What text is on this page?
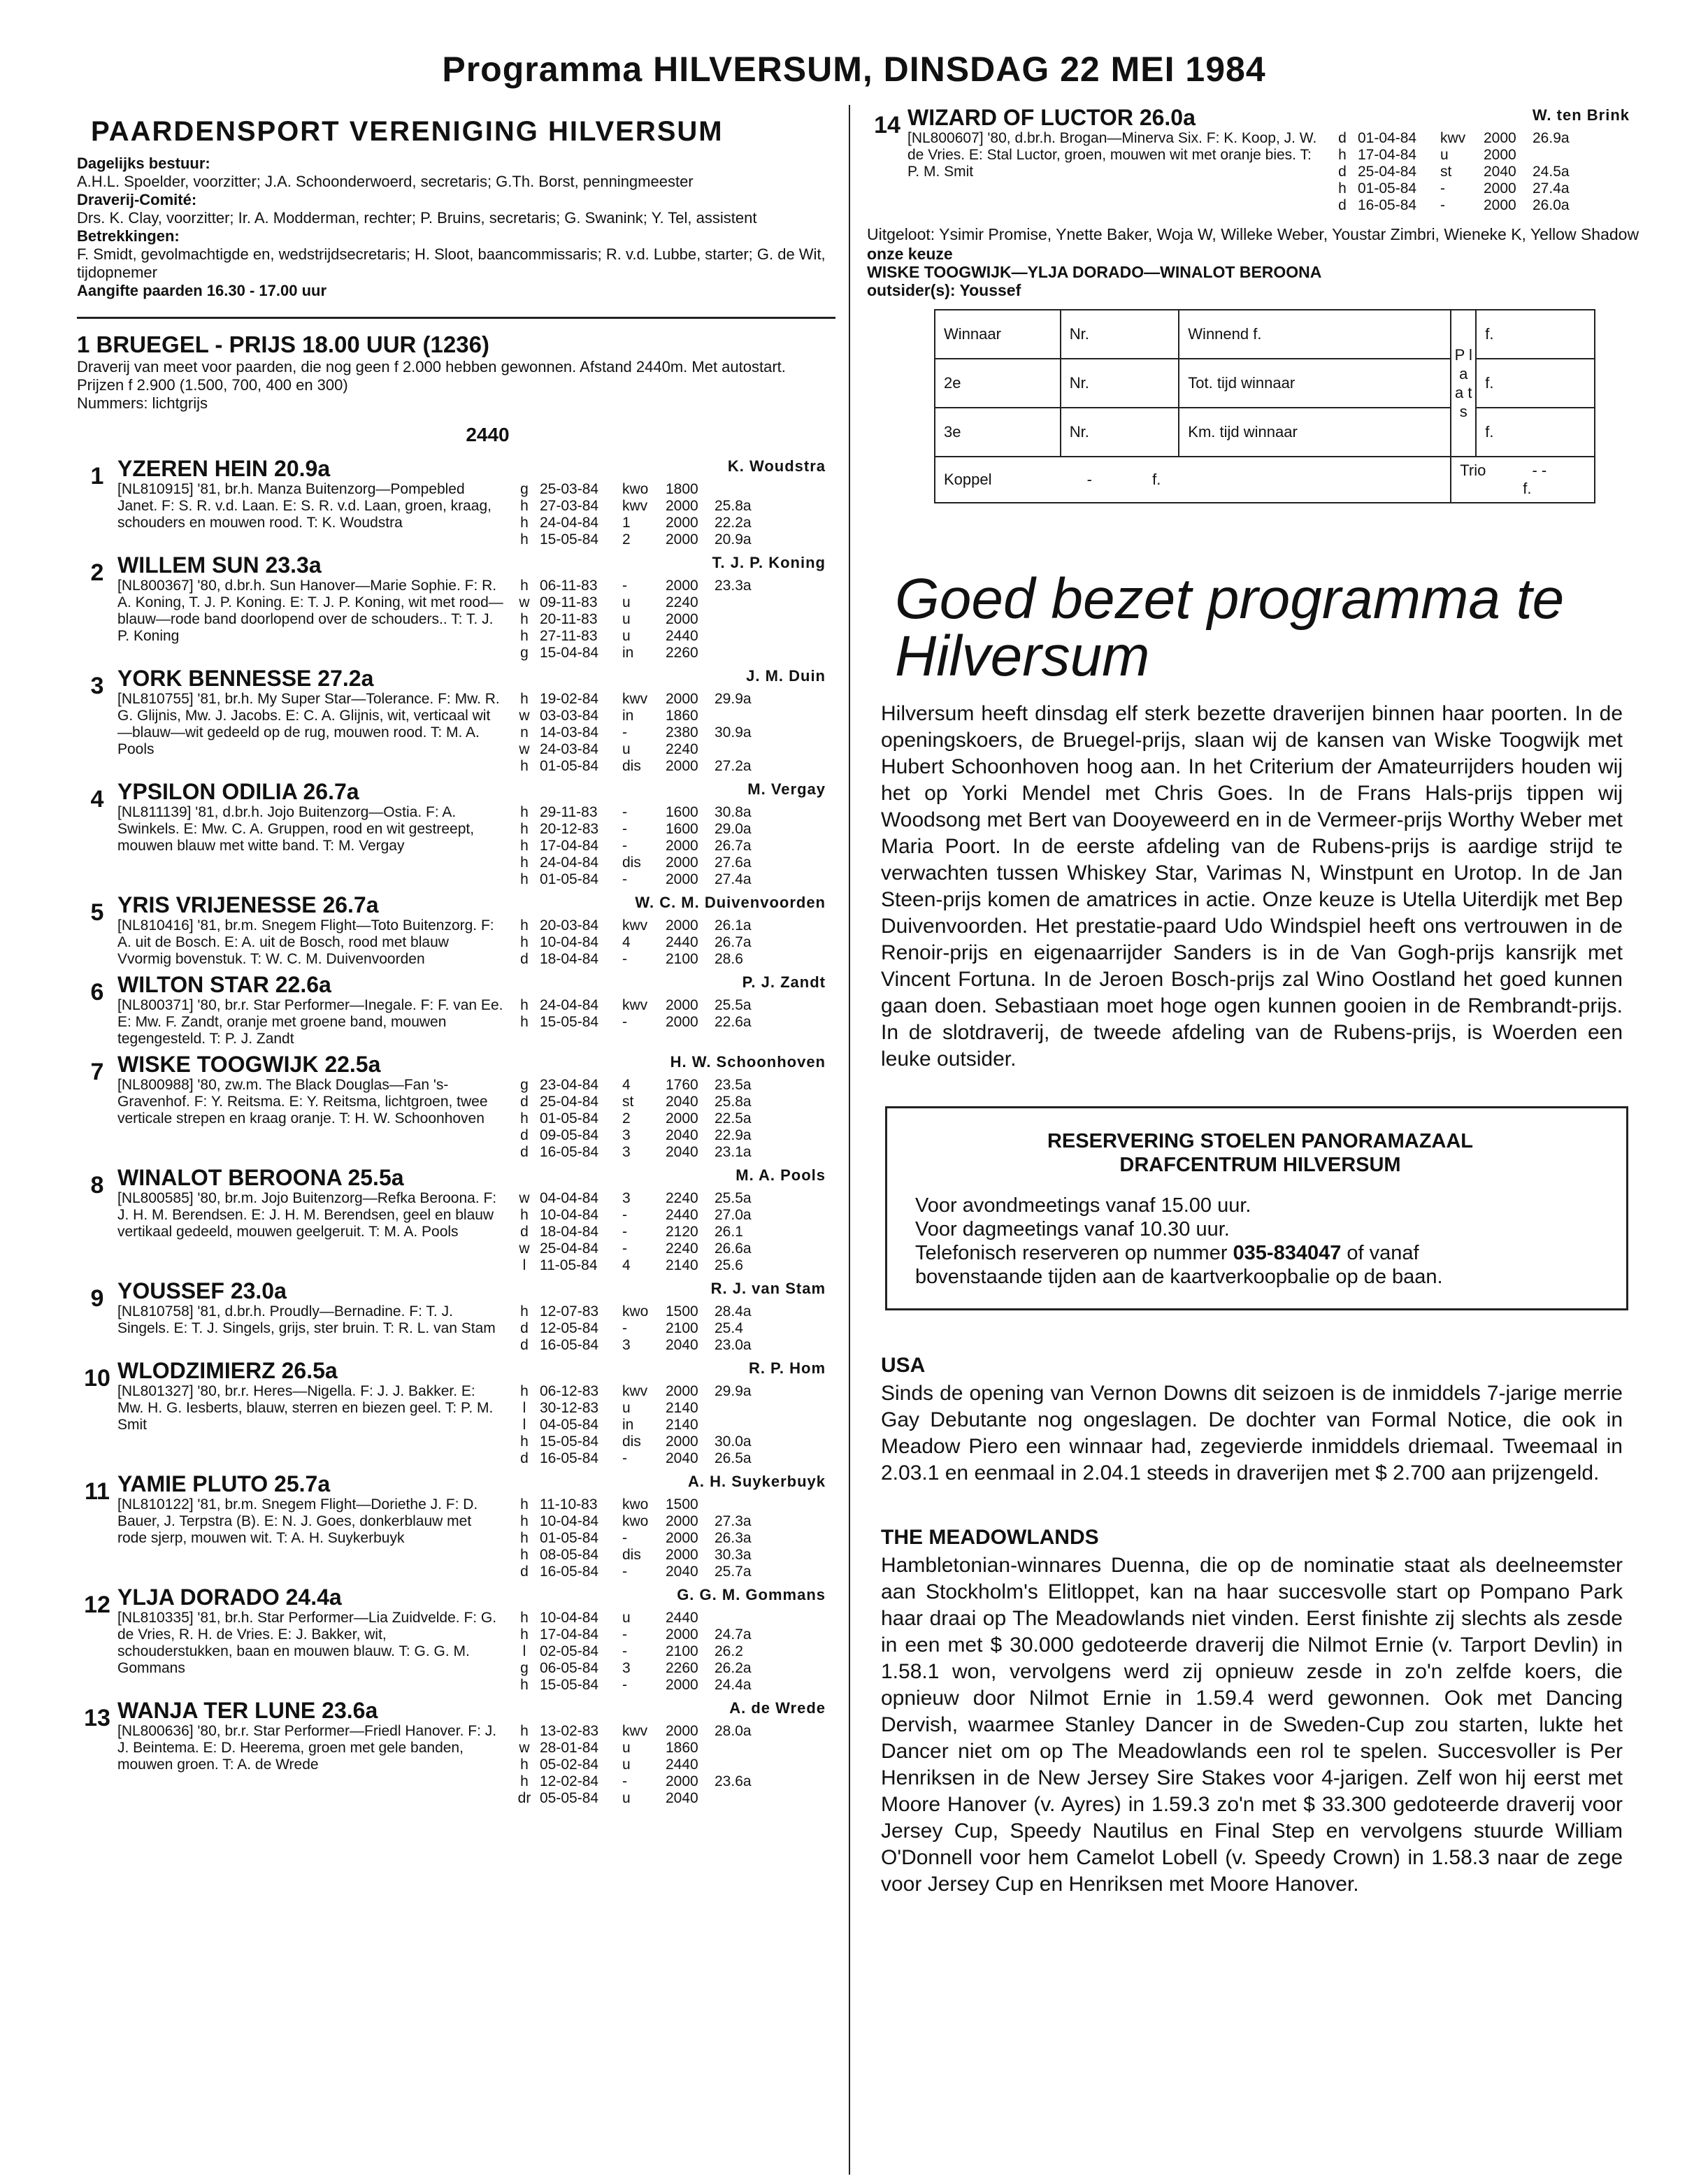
Programma HILVERSUM, DINSDAG 22 MEI 1984
PAARDENSPORT VERENIGING HILVERSUM
Dagelijks bestuur:
A.H.L. Spoelder, voorzitter; J.A. Schoonderwoerd, secretaris; G.Th. Borst, penningmeester
Draverij-Comité:
Drs. K. Clay, voorzitter; Ir. A. Modderman, rechter; P. Bruins, secretaris; G. Swanink; Y. Tel, assistent
Betrekkingen:
F. Smidt, gevolmachtigde en, wedstrijdsecretaris; H. Sloot, baancommissaris; R. v.d. Lubbe, starter; G. de Wit, tijdopnemer
Aangifte paarden 16.30 - 17.00 uur
1 BRUEGEL - PRIJS 18.00 UUR (1236)
Draverij van meet voor paarden, die nog geen f 2.000 hebben gewonnen. Afstand 2440m. Met autostart.
Prijzen f 2.900 (1.500, 700, 400 en 300)
Nummers: lichtgrijs
2440
1 YZEREN HEIN 20.9a	K. Woudstra
[NL810915] '81, br.h. Manza Buitenzorg—Pompebled Janet. F: S. R. v.d. Laan. E: S. R. v.d. Laan, groen, kraag, schouders en mouwen rood. T: K. Woudstra
g 25-03-84	kwo	1800
h 27-03-84	kwv	2000	25.8a
h 24-04-84	1	2000	22.2a
h 15-05-84	2	2000	20.9a
2 WILLEM SUN 23.3a	T. J. P. Koning
[NL800367] '80, d.br.h. Sun Hanover—Marie Sophie. F: R. A. Koning, T. J. P. Koning. E: T. J. P. Koning, wit met rood—blauw—rode band doorlopend over de schouders.. T: T. J. P. Koning
h 06-11-83	-	2000	23.3a
w 09-11-83	u	2240
h 20-11-83	u	2000
h 27-11-83	u	2440
g 15-04-84	in	2260
3 YORK BENNESSE 27.2a	J. M. Duin
[NL810755] '81, br.h. My Super Star—Tolerance. F: Mw. R. G. Glijnis, Mw. J. Jacobs. E: C. A. Glijnis, wit, verticaal wit—blauw—wit gedeeld op de rug, mouwen rood. T: M. A. Pools
h 19-02-84	kwv	2000	29.9a
w 03-03-84	in	1860
n 14-03-84	-	2380	30.9a
w 24-03-84	u	2240
h 01-05-84	dis	2000	27.2a
4 YPSILON ODILIA 26.7a	M. Vergay
[NL811139] '81, d.br.h. Jojo Buitenzorg—Ostia. F: A. Swinkels. E: Mw. C. A. Gruppen, rood en wit gestreept, mouwen blauw met witte band. T: M. Vergay
h 29-11-83	-	1600	30.8a
h 20-12-83	-	1600	29.0a
h 17-04-84	-	2000	26.7a
h 24-04-84	dis	2000	27.6a
h 01-05-84	-	2000	27.4a
5 YRIS VRIJENESSE 26.7a	W. C. M. Duivenvoorden
[NL810416] '81, br.m. Snegem Flight—Toto Buitenzorg. F: A. uit de Bosch. E: A. uit de Bosch, rood met blauw Vvormig bovenstuk. T: W. C. M. Duivenvoorden
h 20-03-84	kwv	2000	26.1a
h 10-04-84	4	2440	26.7a
d 18-04-84	-	2100	28.6
6 WILTON STAR 22.6a	P. J. Zandt
[NL800371] '80, br.r. Star Performer—Inegale. F: F. van Ee. E: Mw. F. Zandt, oranje met groene band, mouwen tegengesteld. T: P. J. Zandt
h 24-04-84	kwv	2000	25.5a
h 15-05-84	-	2000	22.6a
7 WISKE TOOGWIJK 22.5a	H. W. Schoonhoven
[NL800988] '80, zw.m. The Black Douglas—Fan 's-Gravenhof. F: Y. Reitsma. E: Y. Reitsma, lichtgroen, twee verticale strepen en kraag oranje. T: H. W. Schoonhoven
g 23-04-84	4	1760	23.5a
d 25-04-84	st	2040	25.8a
h 01-05-84	2	2000	22.5a
d 09-05-84	3	2040	22.9a
d 16-05-84	3	2040	23.1a
8 WINALOT BEROONA 25.5a	M. A. Pools
[NL800585] '80, br.m. Jojo Buitenzorg—Refka Beroona. F: J. H. M. Berendsen. E: J. H. M. Berendsen, geel en blauw vertikaal gedeeld, mouwen geelgeruit. T: M. A. Pools
w 04-04-84	3	2240	25.5a
h 10-04-84	-	2440	27.0a
d 18-04-84	-	2120	26.1
w 25-04-84	-	2240	26.6a
l 11-05-84	4	2140	25.6
9 YOUSSEF 23.0a	R. J. van Stam
[NL810758] '81, d.br.h. Proudly—Bernadine. F: T. J. Singels. E: T. J. Singels, grijs, ster bruin. T: R. L. van Stam
h 12-07-83	kwo	1500	28.4a
d 12-05-84	-	2100	25.4
d 16-05-84	3	2040	23.0a
10 WLODZIMIERZ 26.5a	R. P. Hom
[NL801327] '80, br.r. Heres—Nigella. F: J. J. Bakker. E: Mw. H. G. Iesberts, blauw, sterren en biezen geel. T: P. M. Smit
h 06-12-83	kwv	2000	29.9a
l 30-12-83	u	2140
l 04-05-84	in	2140
h 15-05-84	dis	2000	30.0a
d 16-05-84	-	2040	26.5a
11 YAMIE PLUTO 25.7a	A. H. Suykerbuyk
[NL810122] '81, br.m. Snegem Flight—Doriethe J. F: D. Bauer, J. Terpstra (B). E: N. J. Goes, donkerblauw met rode sjerp, mouwen wit. T: A. H. Suykerbuyk
h 11-10-83	kwo	1500
h 10-04-84	kwo	2000	27.3a
h 01-05-84	-	2000	26.3a
h 08-05-84	dis	2000	30.3a
d 16-05-84	-	2040	25.7a
12 YLJA DORADO 24.4a	G. G. M. Gommans
[NL810335] '81, br.h. Star Performer—Lia Zuidvelde. F: G. de Vries, R. H. de Vries. E: J. Bakker, wit, schouderstukken, baan en mouwen blauw. T: G. G. M. Gommans
h 10-04-84	u	2440
h 17-04-84	-	2000	24.7a
l 02-05-84	-	2100	26.2
g 06-05-84	3	2260	26.2a
h 15-05-84	-	2000	24.4a
13 WANJA TER LUNE 23.6a	A. de Wrede
[NL800636] '80, br.r. Star Performer—Friedl Hanover. F: J. J. Beintema. E: D. Heerema, groen met gele banden, mouwen groen. T: A. de Wrede
h 13-02-83	kwv	2000	28.0a
w 28-01-84	u	1860
h 05-02-84	u	2440
h 12-02-84	-	2000	23.6a
dr 05-05-84	u	2040
14 WIZARD OF LUCTOR 26.0a	W. ten Brink
[NL800607] '80, d.br.h. Brogan—Minerva Six. F: K. Koop, J. W. de Vries. E: Stal Luctor, groen, mouwen wit met oranje bies. T: P. M. Smit
d 01-04-84	kwv	2000	26.9a
h 17-04-84	u	2000
d 25-04-84	st	2040	24.5a
h 01-05-84	-	2000	27.4a
d 16-05-84	-	2000	26.0a
Uitgeloot: Ysimir Promise, Ynette Baker, Woja W, Willeke Weber, Youstar Zimbri, Wieneke K, Yellow Shadow
onze keuze
WISKE TOOGWIJK—YLJA DORADO—WINALOT BEROONA
outsider(s): Youssef
Winnaar	Nr.	Winnend f.	P l a a t s	f.
2e	Nr.	Tot. tijd winnaar		f.
3e	Nr.	Km. tijd winnaar		f.
Koppel - f.			Trio - - f.	
Goed bezet programma te Hilversum
Hilversum heeft dinsdag elf sterk bezette draverijen binnen haar poorten. In de openingskoers, de Bruegel-prijs, slaan wij de kansen van Wiske Toogwijk met Hubert Schoonhoven hoog aan. In het Criterium der Amateurrijders houden wij het op Yorki Mendel met Chris Goes. In de Frans Hals-prijs tippen wij Woodsong met Bert van Dooyeweerd en in de Vermeer-prijs Worthy Weber met Maria Poort. In de eerste afdeling van de Rubens-prijs is aardige strijd te verwachten tussen Whiskey Star, Varimas N, Winstpunt en Urotop. In de Jan Steen-prijs komen de amatrices in actie. Onze keuze is Utella Uiterdijk met Bep Duivenvoorden. Het prestatie-paard Udo Windspiel heeft ons vertrouwen in de Renoir-prijs en eigenaarrijder Sanders is in de Van Gogh-prijs kansrijk met Vincent Fortuna. In de Jeroen Bosch-prijs zal Wino Oostland het goed kunnen gaan doen. Sebastiaan moet hoge ogen kunnen gooien in de Rembrandt-prijs. In de slotdraverij, de tweede afdeling van de Rubens-prijs, is Woerden een leuke outsider.
RESERVERING STOELEN PANORAMAZAAL
DRAFCENTRUM HILVERSUM
Voor avondmeetings vanaf 15.00 uur.
Voor dagmeetings vanaf 10.30 uur.
Telefonisch reserveren op nummer 035-834047 of vanaf
bovenstaande tijden aan de kaartverkoopbalie op de baan.
USA
Sinds de opening van Vernon Downs dit seizoen is de inmiddels 7-jarige merrie Gay Debutante nog ongeslagen. De dochter van Formal Notice, die ook in Meadow Piero een winnaar had, zegevierde inmiddels driemaal. Tweemaal in 2.03.1 en eenmaal in 2.04.1 steeds in draverijen met $ 2.700 aan prijzengeld.
THE MEADOWLANDS
Hambletonian-winnares Duenna, die op de nominatie staat als deelneemster aan Stockholm's Elitloppet, kan na haar succesvolle start op Pompano Park haar draai op The Meadowlands niet vinden. Eerst finishte zij slechts als zesde in een met $ 30.000 gedoteerde draverij die Nilmot Ernie (v. Tarport Devlin) in 1.58.1 won, vervolgens werd zij opnieuw zesde in zo'n zelfde koers, die opnieuw door Nilmot Ernie in 1.59.4 werd gewonnen. Ook met Dancing Dervish, waarmee Stanley Dancer in de Sweden-Cup zou starten, lukte het Dancer niet om op The Meadowlands een rol te spelen. Succesvoller is Per Henriksen in de New Jersey Sire Stakes voor 4-jarigen. Zelf won hij eerst met Moore Hanover (v. Ayres) in 1.59.3 zo'n met $ 33.300 gedoteerde draverij voor Jersey Cup, Speedy Nautilus en Final Step en vervolgens stuurde William O'Donnell voor hem Camelot Lobell (v. Speedy Crown) in 1.58.3 naar de zege voor Jersey Cup en Henriksen met Moore Hanover.
